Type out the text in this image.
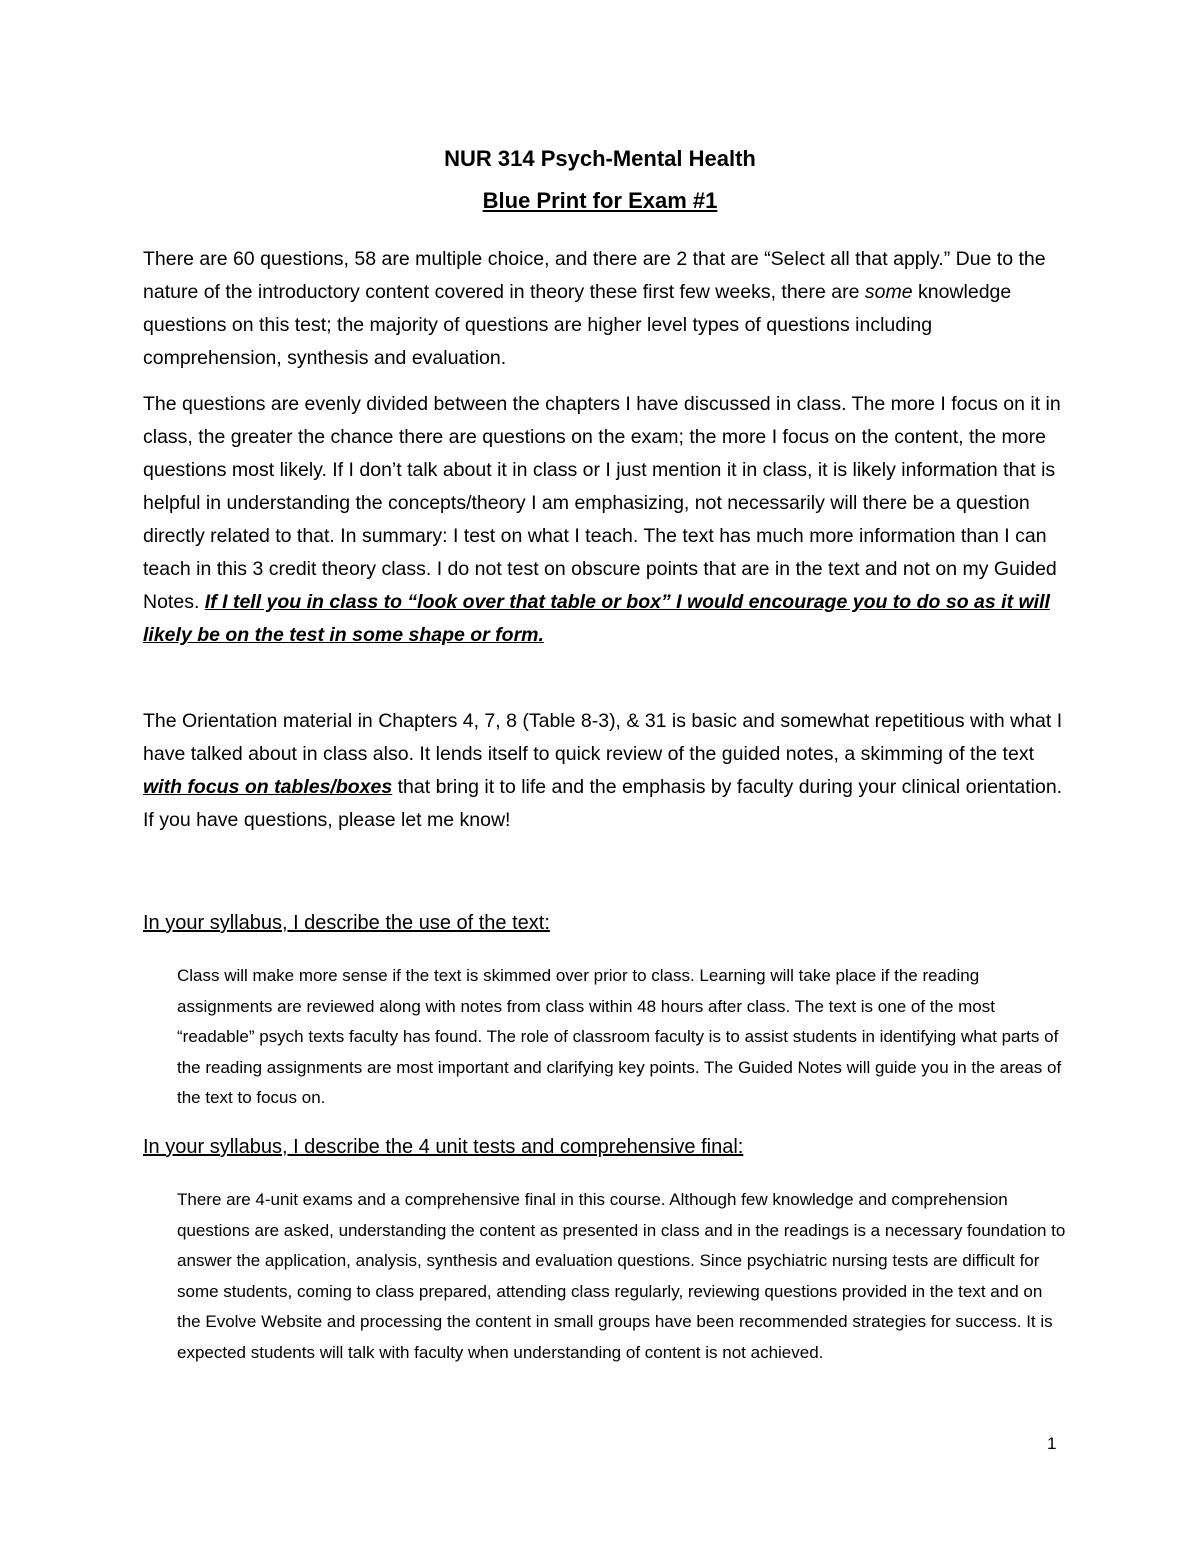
NUR 314 Psych-Mental Health
Blue Print for Exam #1
There are 60 questions, 58 are multiple choice, and there are 2 that are “Select all that apply.” Due to the nature of the introductory content covered in theory these first few weeks, there are some knowledge questions on this test; the majority of questions are higher level types of questions including comprehension, synthesis and evaluation.
The questions are evenly divided between the chapters I have discussed in class. The more I focus on it in class, the greater the chance there are questions on the exam; the more I focus on the content, the more questions most likely. If I don’t talk about it in class or I just mention it in class, it is likely information that is helpful in understanding the concepts/theory I am emphasizing, not necessarily will there be a question directly related to that. In summary: I test on what I teach. The text has much more information than I can teach in this 3 credit theory class. I do not test on obscure points that are in the text and not on my Guided Notes. If I tell you in class to “look over that table or box” I would encourage you to do so as it will likely be on the test in some shape or form.
The Orientation material in Chapters 4, 7, 8 (Table 8-3), & 31 is basic and somewhat repetitious with what I have talked about in class also. It lends itself to quick review of the guided notes, a skimming of the text with focus on tables/boxes that bring it to life and the emphasis by faculty during your clinical orientation. If you have questions, please let me know!
In your syllabus, I describe the use of the text:
Class will make more sense if the text is skimmed over prior to class. Learning will take place if the reading assignments are reviewed along with notes from class within 48 hours after class. The text is one of the most “readable” psych texts faculty has found. The role of classroom faculty is to assist students in identifying what parts of the reading assignments are most important and clarifying key points. The Guided Notes will guide you in the areas of the text to focus on.
In your syllabus, I describe the 4 unit tests and comprehensive final:
There are 4-unit exams and a comprehensive final in this course. Although few knowledge and comprehension questions are asked, understanding the content as presented in class and in the readings is a necessary foundation to answer the application, analysis, synthesis and evaluation questions. Since psychiatric nursing tests are difficult for some students, coming to class prepared, attending class regularly, reviewing questions provided in the text and on the Evolve Website and processing the content in small groups have been recommended strategies for success. It is expected students will talk with faculty when understanding of content is not achieved.
1
